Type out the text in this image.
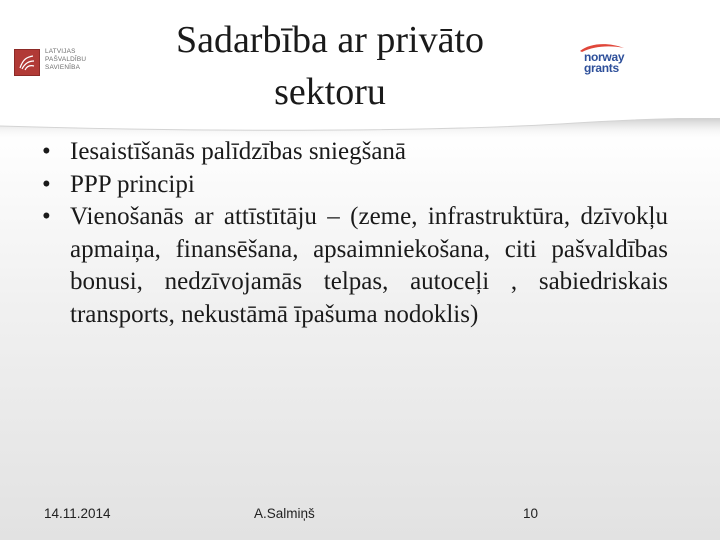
LATVIJAS
PAŠVALDĪBU
SAVIENĪBA
Sadarbība ar privāto
sektoru
norway
grants
• Iesaistīšanās palīdzības sniegšanā
• PPP principi
• Vienošanās ar attīstītāju – (zeme, infrastruktūra, dzīvokļu apmaiņa, finansēšana, apsaimniekošana, citi pašvaldības bonusi, nedzīvojamās telpas, autoceļi , sabiedriskais transports, nekustāmā īpašuma nodoklis)
14.11.2014	A.Salmiņš	10
